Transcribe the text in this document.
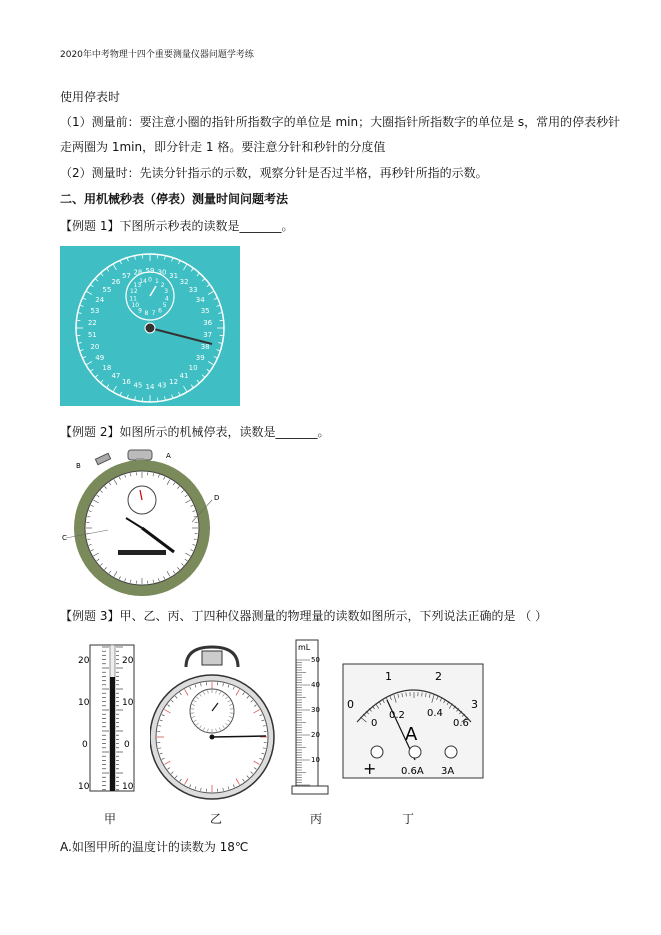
2020年中考物理十四个重要测量仪器问题学考练
使用停表时
（1）测量前：要注意小圈的指针所指数字的单位是 min；大圈指针所指数字的单位是 s，常用的停表秒针
走两圈为 1min，即分针走 1 格。要注意分针和秒针的分度值
（2）测量时：先读分针指示的示数，观察分针是否过半格，再秒针所指的示数。
二、用机械秒表（停表）测量时间问题考法
【例题 1】下图所示秒表的读数是_______。
59 30 31
32
33
34
35
36
37
38
39
10
41
12
43
14
45
16
47
18
49
20
51
22
53
24
55
26
57 28
0 1
2
3
4
5
6
7
8
9
10
11
12
13
14
【例题 2】如图所示的机械停表，读数是_______。
B
A
C
D
【例题 3】甲、乙、丙、丁四种仪器测量的物理量的读数如图所示，下列说法正确的是 （ ）
20
10
0
10
20
10
0
10
mL
50
40
30
20
10
0
1	2
3
0
0.2 0.4
0.6
A
+ 0.6A 3A
甲	乙	丙	丁
A.如图甲所的温度计的读数为 18℃
